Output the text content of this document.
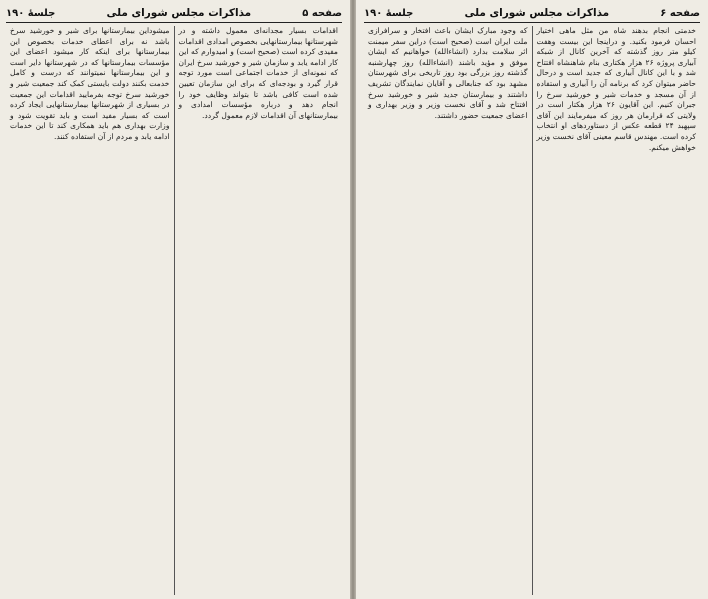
صفحه ۵
مذاکرات مجلس شورای ملی
جلسهٔ ۱۹۰

اقدامات بسیار مجدانه‌ای معمول داشته و در شهرستانها بیمارستانهایی بخصوص امدادی اقدامات مفیدی کرده است (صحیح است) و امیدوارم که این کار ادامه یابد و سازمان شیر و خورشید سرخ ایران که نمونه‌ای از خدمات اجتماعی است مورد توجه قرار گیرد و بودجه‌ای که برای این سازمان تعیین شده است کافی باشد تا بتواند وظایف خود را انجام دهد و درباره مؤسسات امدادی و بیمارستانهای آن اقدامات لازم معمول گردد.

میشوداین بیمارستانها برای شیر و خورشید سرخ باشد نه برای اعطای خدمات بخصوص این بیمارستانها برای اینکه کار میشود اعضای این مؤسسات بیمارستانها که در شهرستانها دایر است و این بیمارستانها نمیتوانند که درست و کامل خدمت بکنند دولت بایستی کمک کند جمعیت شیر و خورشید سرخ توجه بفرمایید اقدامات این جمعیت در بسیاری از شهرستانها بیمارستانهایی ایجاد کرده است که بسیار مفید است و باید تقویت شود و وزارت بهداری هم باید همکاری کند تا این خدمات ادامه یابد و مردم از آن استفاده کنند.

صفحه ۶
مذاکرات مجلس شورای ملی
جلسهٔ ۱۹۰

خدمتی انجام بدهند شاه من مثل ماهی اختیار احسان فرمود بکنید. و دراینجا این بیست وهفت کیلو متر روز گذشته که آخرین کانال از شبکه آبیاری پروژه ۲۶ هزار هکتاری بنام شاهنشاه افتتاح شد و با این کانال آبیاری که جدید است و درحال حاضر میتوان کرد که برنامه آن را آبیاری و استفاده از آن مسجد و خدمات شیر و خورشید سرخ را جبران کنیم. این آقایون ۲۶ هزار هکتار است در ولایتی که قرارمان هر روز که میفرمایند این آقای سپهبد ۲۴ قطعه عکس از دستاوردهای او انتخاب کرده است. مهندس قاسم معینی آقای نخست وزیر خواهش میکنم.

که وجود مبارک ایشان باعث افتخار و سرافرازی ملت ایران است (صحیح است) دراین سفر میمنت اثر سلامت بدارد (انشاءالله) خواهانیم که ایشان موفق و مؤید باشند (انشاءالله) روز چهارشنبه گذشته روز بزرگی بود روز تاریخی برای شهرستان مشهد بود که جنابعالی و آقایان نمایندگان تشریف داشتند و بیمارستان جدید شیر و خورشید سرخ افتتاح شد و آقای نخست وزیر و وزیر بهداری و اعضای جمعیت حضور داشتند.
